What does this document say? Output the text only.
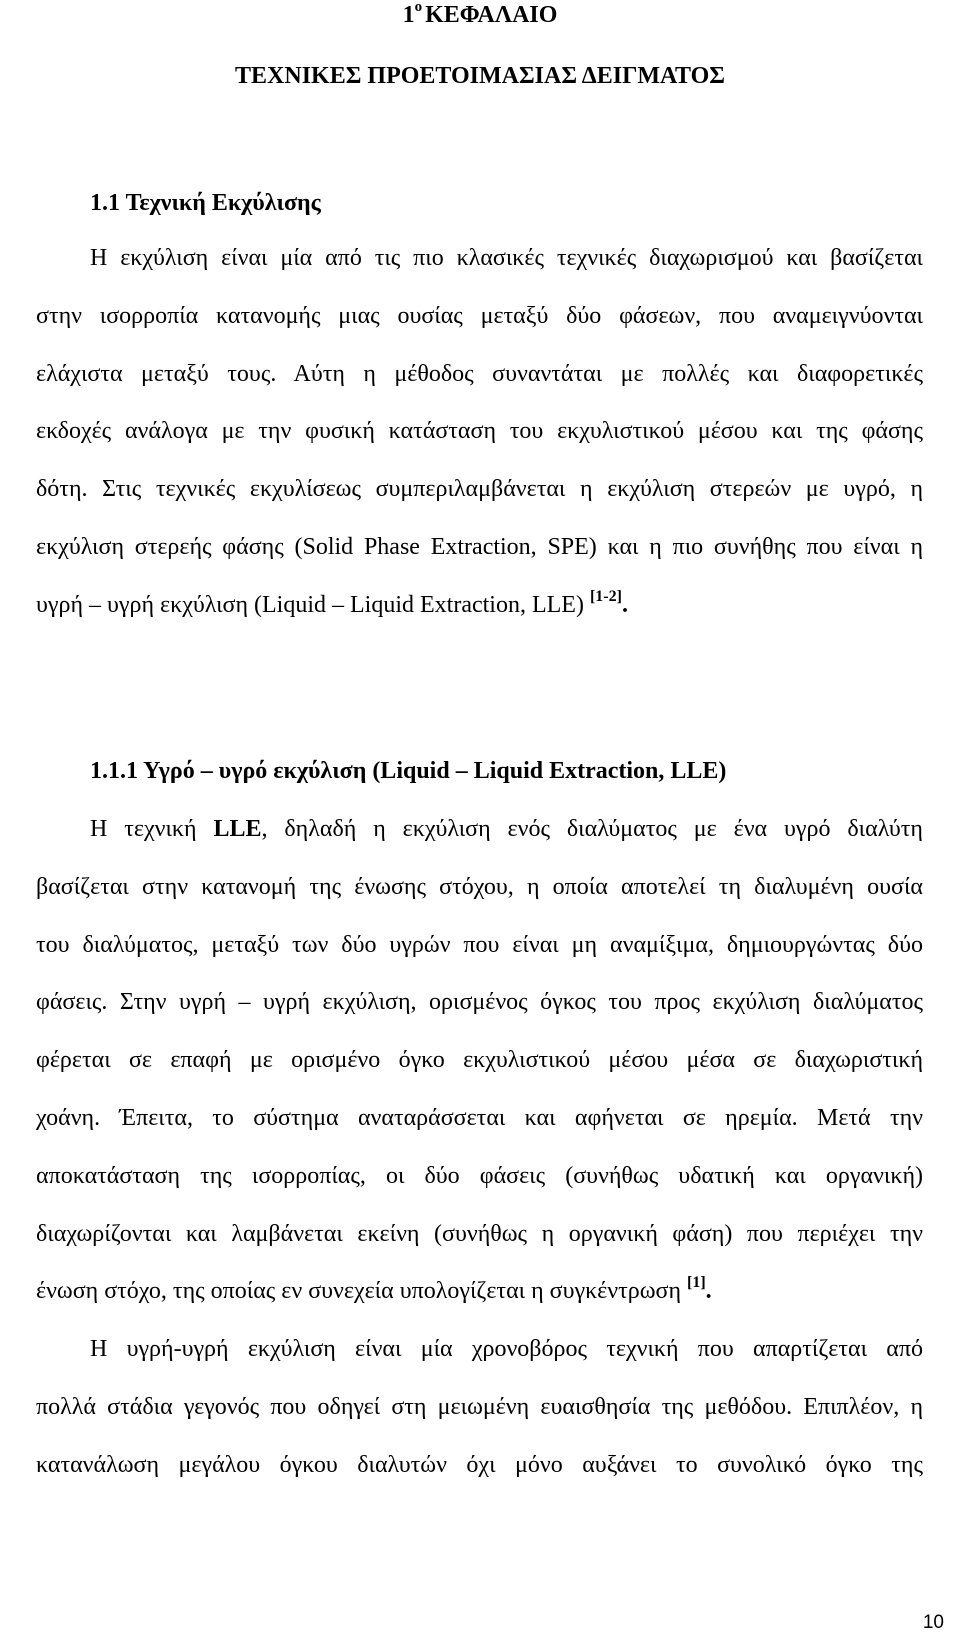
$1^o$ ΚΕΦΑΛΑΙΟ
ΤΕΧΝΙΚΕΣ ΠΡΟΕΤΟΙΜΑΣΙΑΣ ΔΕΙΓΜΑΤΟΣ
1.1 Τεχνική Εκχύλισης
Η εκχύλιση είναι μία από τις πιο κλασικές τεχνικές διαχωρισμού και βασίζεται
στην ισορροπία κατανομής μιας ουσίας μεταξύ δύο φάσεων, που αναμειγνύονται
ελάχιστα μεταξύ τους. Αύτη η μέθοδος συναντάται με πολλές και διαφορετικές
εκδοχές ανάλογα με την φυσική κατάσταση του εκχυλιστικού μέσου και της φάσης
δότη. Στις τεχνικές εκχυλίσεως συμπεριλαμβάνεται η εκχύλιση στερεών με υγρό, η
εκχύλιση στερεής φάσης (Solid Phase Extraction, SPE) και η πιο συνήθης που είναι η
υγρή – υγρή εκχύλιση (Liquid – Liquid Extraction, LLE) [1-2].
1.1.1 Υγρό – υγρό εκχύλιση (Liquid – Liquid Extraction, LLE)
Η τεχνική LLE, δηλαδή η εκχύλιση ενός διαλύματος με ένα υγρό διαλύτη
βασίζεται στην κατανομή της ένωσης στόχου, η οποία αποτελεί τη διαλυμένη ουσία
του διαλύματος, μεταξύ των δύο υγρών που είναι μη αναμίξιμα, δημιουργώντας δύο
φάσεις. Στην υγρή – υγρή εκχύλιση, ορισμένος όγκος του προς εκχύλιση διαλύματος
φέρεται σε επαφή με ορισμένο όγκο εκχυλιστικού μέσου μέσα σε διαχωριστική
χοάνη. Έπειτα, το σύστημα αναταράσσεται και αφήνεται σε ηρεμία. Μετά την
αποκατάσταση της ισορροπίας, οι δύο φάσεις (συνήθως υδατική και οργανική)
διαχωρίζονται και λαμβάνεται εκείνη (συνήθως η οργανική φάση) που περιέχει την
ένωση στόχο, της οποίας εν συνεχεία υπολογίζεται η συγκέντρωση [1].
Η υγρή-υγρή εκχύλιση είναι μία χρονοβόρος τεχνική που απαρτίζεται από
πολλά στάδια γεγονός που οδηγεί στη μειωμένη ευαισθησία της μεθόδου. Επιπλέον, η
κατανάλωση μεγάλου όγκου διαλυτών όχι μόνο αυξάνει το συνολικό όγκο της
10
